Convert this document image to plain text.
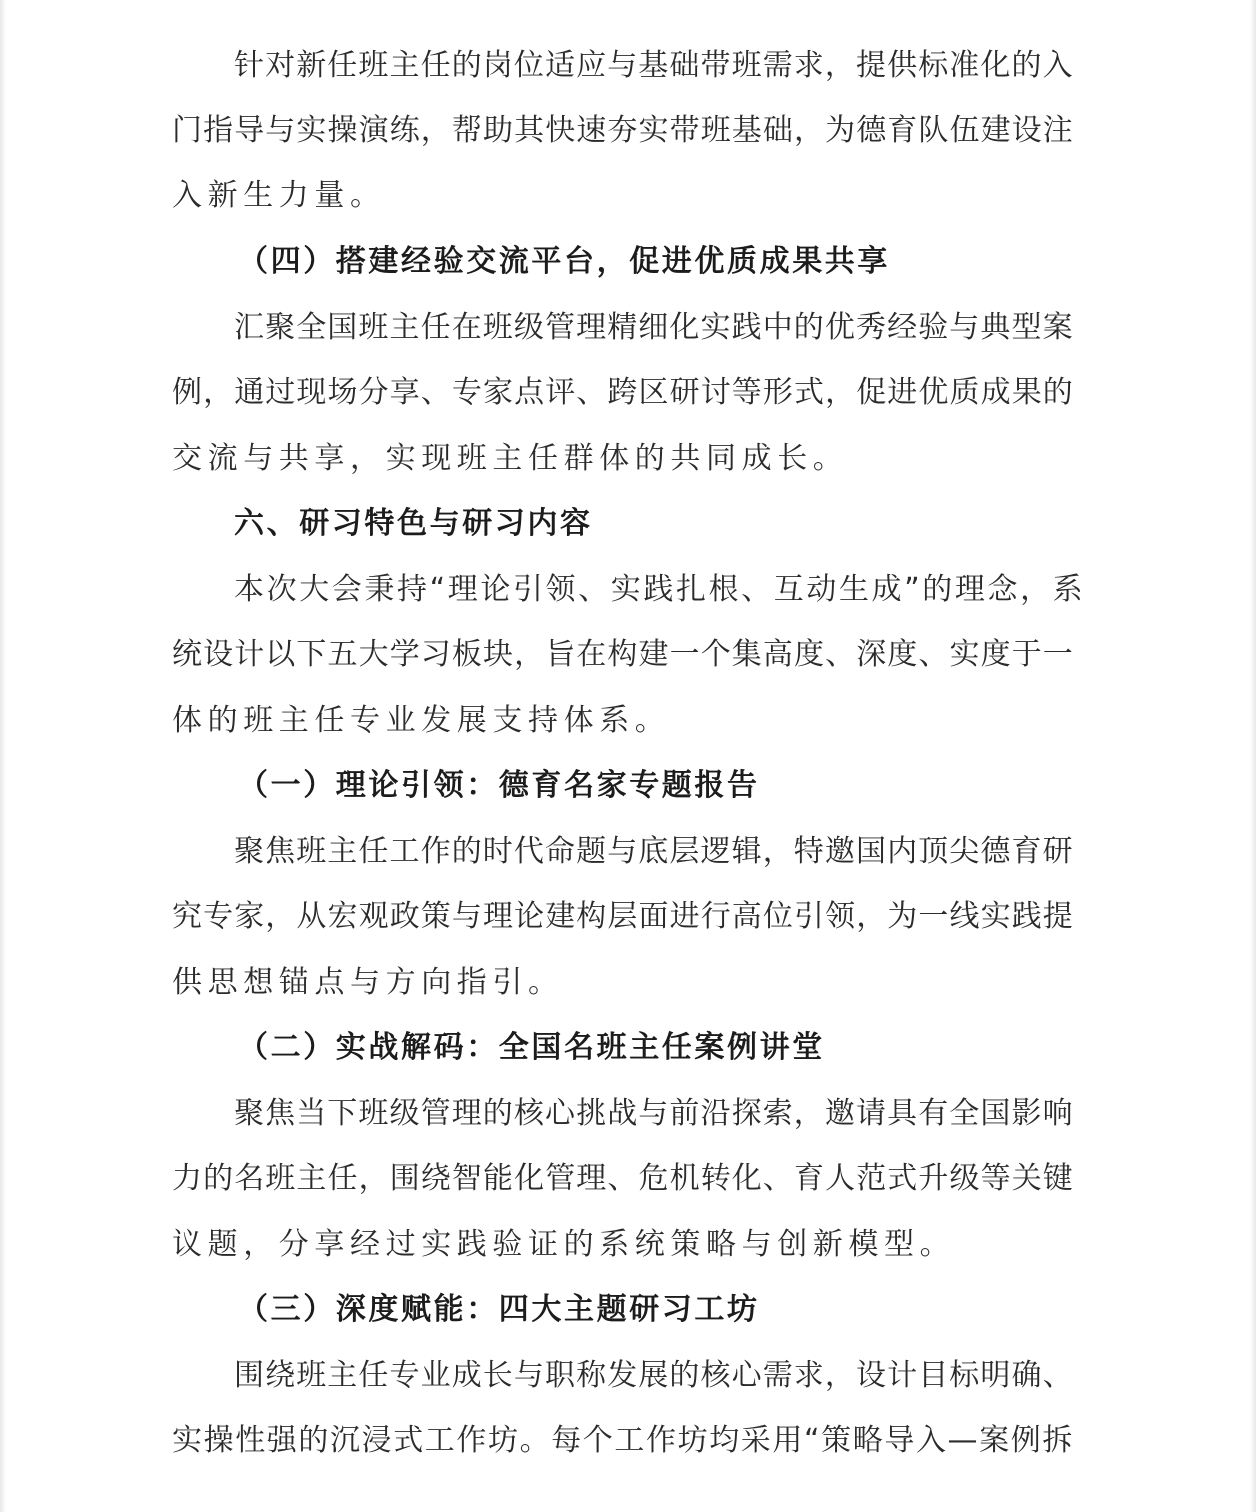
针对新任班主任的岗位适应与基础带班需求，提供标准化的入
门指导与实操演练，帮助其快速夯实带班基础，为德育队伍建设注
入新生力量。
（四）搭建经验交流平台，促进优质成果共享
汇聚全国班主任在班级管理精细化实践中的优秀经验与典型案
例，通过现场分享、专家点评、跨区研讨等形式，促进优质成果的
交流与共享，实现班主任群体的共同成长。
六、研习特色与研习内容
本次大会秉持“理论引领、实践扎根、互动生成”的理念，系
统设计以下五大学习板块，旨在构建一个集高度、深度、实度于一
体的班主任专业发展支持体系。
（一）理论引领：德育名家专题报告
聚焦班主任工作的时代命题与底层逻辑，特邀国内顶尖德育研
究专家，从宏观政策与理论建构层面进行高位引领，为一线实践提
供思想锚点与方向指引。
（二）实战解码：全国名班主任案例讲堂
聚焦当下班级管理的核心挑战与前沿探索，邀请具有全国影响
力的名班主任，围绕智能化管理、危机转化、育人范式升级等关键
议题，分享经过实践验证的系统策略与创新模型。
（三）深度赋能：四大主题研习工坊
围绕班主任专业成长与职称发展的核心需求，设计目标明确、
实操性强的沉浸式工作坊。每个工作坊均采用“策略导入—案例拆
